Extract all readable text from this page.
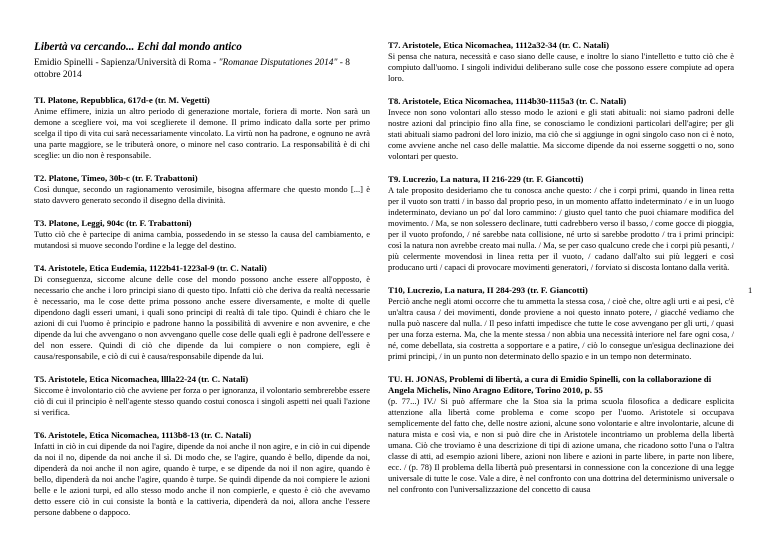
Libertà va cercando... Echi dal mondo antico
Emidio Spinelli - Sapienza/Università di Roma - "Romanae Disputationes 2014" - 8 ottobre 2014
TI. Platone, Repubblica, 617d-e (tr. M. Vegetti)
Anime effimere, inizia un altro periodo di generazione mortale, foriera di morte. Non sarà un demone a scegliere voi, ma voi sceglierete il demone. Il primo indicato dalla sorte per primo scelga il tipo di vita cui sarà necessariamente vincolato. La virtù non ha padrone, e ognuno ne avrà una parte maggiore, se le tributerà onore, o minore nel caso contrario. La responsabilità è di chi sceglie: un dio non è responsabile.
T2. Platone, Timeo, 30b-c (tr. F. Trabattoni)
Così dunque, secondo un ragionamento verosimile, bisogna affermare che questo mondo [...] è stato davvero generato secondo il disegno della divinità.
T3. Platone, Leggi, 904c (tr. F. Trabattoni)
Tutto ciò che è partecipe di anima cambia, possedendo in se stesso la causa del cambiamento, e mutandosi si muove secondo l'ordine e la legge del destino.
T4. Aristotele, Etica Eudemia, 1122b41-1223al-9 (tr. C. Natali)
Di conseguenza, siccome alcune delle cose del mondo possono anche essere all'opposto, è necessario che anche i loro principi siano di questo tipo. Infatti ciò che deriva da realtà necessarie è necessario, ma le cose dette prima possono anche essere diversamente, e molte di quelle dipendono dagli esseri umani, i quali sono principi di realtà di tale tipo. Quindi è chiaro che le azioni di cui l'uomo è principio e padrone hanno la possibilità di avvenire e non avvenire, e che dipende da lui che avvengano o non avvengano quelle cose delle quali egli è padrone dell'essere e del non essere. Quindi di ciò che dipende da lui compiere o non compiere, egli è causa/responsabile, e ciò di cui è causa/responsabile dipende da lui.
T5. Aristotele, Etica Nicomachea, lllla22-24 (tr. C. Natali)
Siccome è involontario ciò che avviene per forza o per ignoranza, il volontario sembrerebbe essere ciò di cui il principio è nell'agente stesso quando costui conosca i singoli aspetti nei quali l'azione si verifica.
T6. Aristotele, Etica Nicomachea, 1113b8-13 (tr. C. Natali)
Infatti in ciò in cui dipende da noi l'agire, dipende da noi anche il non agire, e in ciò in cui dipende da noi il no, dipende da noi anche il sì. Di modo che, se l'agire, quando è bello, dipende da noi, dipenderà da noi anche il non agire, quando è turpe, e se dipende da noi il non agire, quando è bello, dipenderà da noi anche l'agire, quando è turpe. Se quindi dipende da noi compiere le azioni belle e le azioni turpi, ed allo stesso modo anche il non compierle, e questo è ciò che avevamo detto essere ciò in cui consiste la bontà e la cattiveria, dipenderà da noi, allora anche l'essere persone dabbene o dappoco.
T7. Aristotele, Etica Nicomachea, 1112a32-34 (tr. C. Natali)
Si pensa che natura, necessità e caso siano delle cause, e inoltre lo siano l'intelletto e tutto ciò che è compiuto dall'uomo. I singoli individui deliberano sulle cose che possono essere compiute ad opera loro.
T8. Aristotele, Etica Nicomachea, 1114b30-1115a3 (tr. C. Natali)
Invece non sono volontari allo stesso modo le azioni e gli stati abituali: noi siamo padroni delle nostre azioni dal principio fino alla fine, se conosciamo le condizioni particolari dell'agire; per gli stati abituali siamo padroni del loro inizio, ma ciò che si aggiunge in ogni singolo caso non ci è noto, come avviene anche nel caso delle malattie. Ma siccome dipende da noi esserne soggetti o no, sono volontari per questo.
T9. Lucrezio, La natura, II 216-229 (tr. F. Giancotti)
A tale proposito desideriamo che tu conosca anche questo: / che i corpi primi, quando in linea retta per il vuoto son tratti / in basso dal proprio peso, in un momento affatto indeterminato / e in un luogo indeterminato, deviano un po' dal loro cammino: / giusto quel tanto che puoi chiamare modifica del movimento. / Ma, se non solessero declinare, tutti cadrebbero verso il basso, / come gocce di pioggia, per il vuoto profondo, / né sarebbe nata collisione, né urto si sarebbe prodotto / tra i primi principi: così la natura non avrebbe creato mai nulla. / Ma, se per caso qualcuno crede che i corpi più pesanti, / più celermente movendosi in linea retta per il vuoto, / cadano dall'alto sui più leggeri e così producano urti / capaci di provocare movimenti generatori, / forviato si discosta lontano dalla verità.
T10, Lucrezio, La natura, II 284-293 (tr. F. Giancotti)
Perciò anche negli atomi occorre che tu ammetta la stessa cosa, / cioè che, oltre agli urti e ai pesi, c'è un'altra causa / dei movimenti, donde proviene a noi questo innato potere, / giacché vediamo che nulla può nascere dal nulla. / Il peso infatti impedisce che tutte le cose avvengano per gli urti, / quasi per una forza esterna. Ma, che la mente stessa / non abbia una necessità interiore nel fare ogni cosa, / né, come debellata, sia costretta a sopportare e a patire, / ciò lo consegue un'esigua declinazione dei primi principi, / in un punto non determinato dello spazio e in un tempo non determinato.
TU. H. JONAS, Problemi di libertà, a cura di Emidio Spinelli, con la collaborazione di Angela Michelis, Nino Aragno Editore, Torino 2010, p. 55
(p. 77...) IV./ Si può affermare che la Stoa sia la prima scuola filosofica a dedicare esplicita attenzione alla libertà come problema e come scopo per l'uomo. Aristotele si occupava semplicemente del fatto che, delle nostre azioni, alcune sono volontarie e altre involontarie, alcune di natura mista e così via, e non si può dire che in Aristotele incontriamo un problema della libertà umana. Ciò che troviamo è una descrizione di tipi di azione umana, che ricadono sotto l'una o l'altra classe di atti, ad esempio azioni libere, azioni non libere e azioni in parte libere, in parte non libere, ecc. / (p. 78) Il problema della libertà può presentarsi in connessione con la concezione di una legge universale di tutte le cose. Vale a dire, è nel confronto con una dottrina del determinismo universale o nel confronto con l'universalizzazione del concetto di causa
1
